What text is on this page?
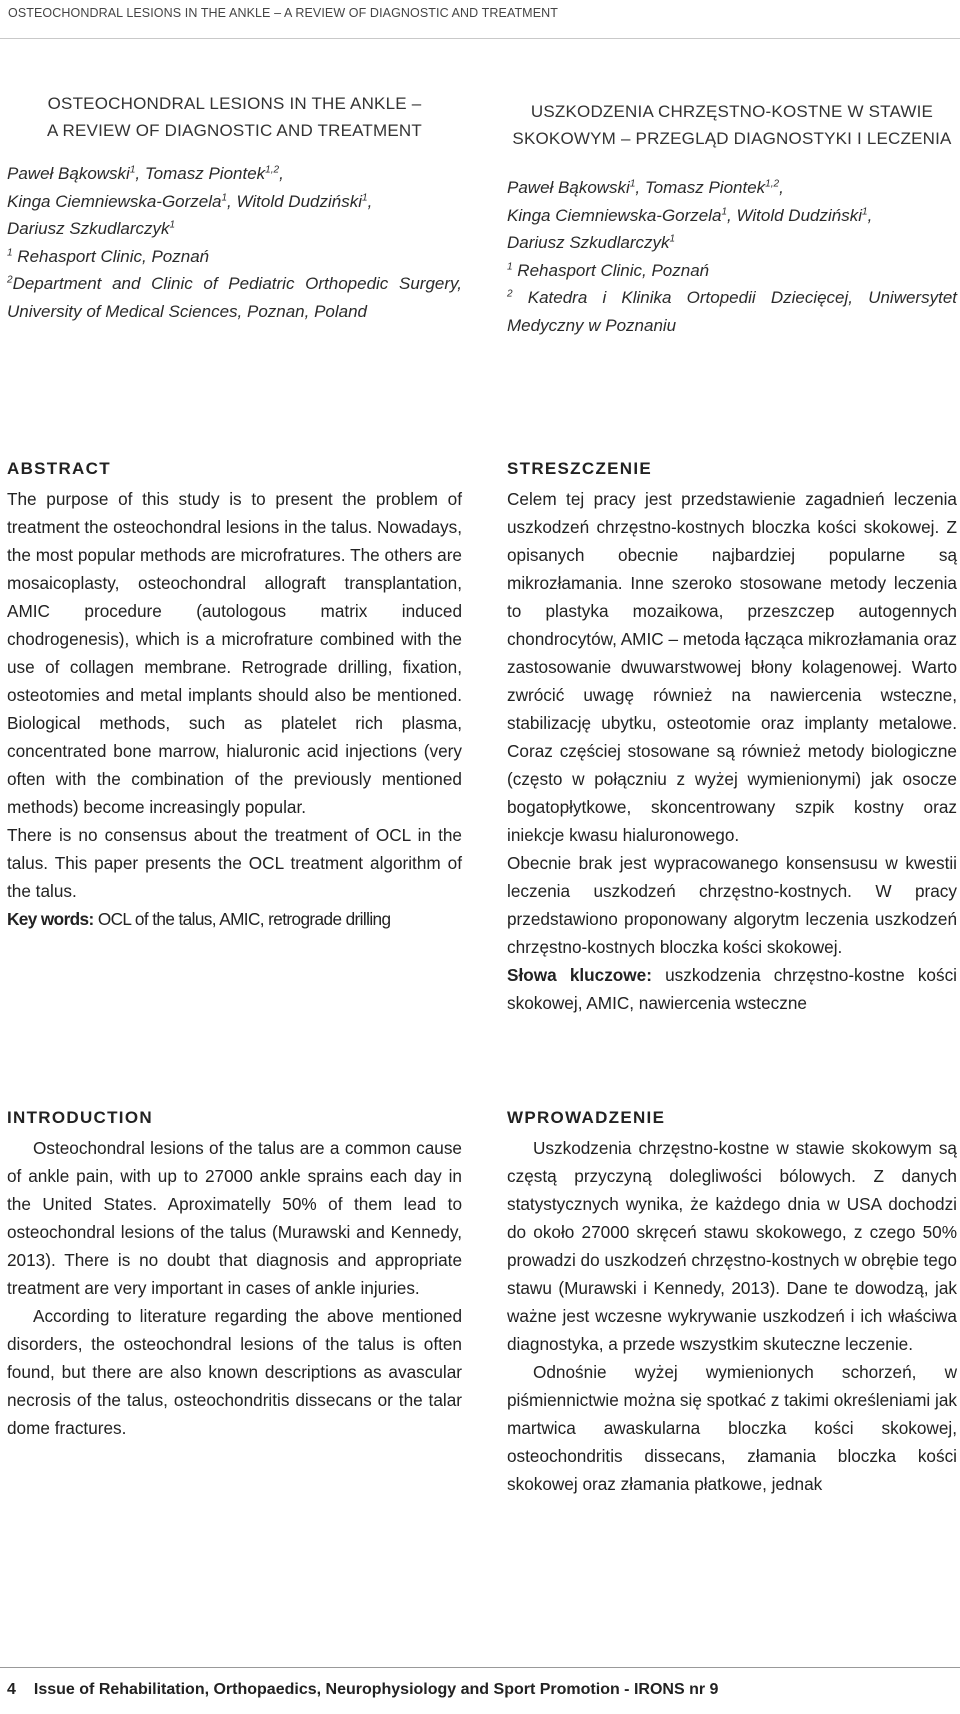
OSTEOCHONDRAL LESIONS IN THE ANKLE – A REVIEW OF DIAGNOSTIC AND TREATMENT
OSTEOCHONDRAL LESIONS IN THE ANKLE –
A REVIEW OF DIAGNOSTIC AND TREATMENT
Paweł Bąkowski$^1$, Tomasz Piontek$^{1,2}$,
Kinga Ciemniewska-Gorzela$^1$, Witold Dudziński$^1$,
Dariusz Szkudlarczyk$^1$
$^1$ Rehasport Clinic, Poznań
$^2$Department and Clinic of Pediatric Orthopedic Surgery, University of Medical Sciences, Poznan, Poland
ABSTRACT

The purpose of this study is to present the problem of treatment the osteochondral lesions in the talus. Nowadays, the most popular methods are microfratures. The others are mosaicoplasty, osteochondral allograft transplantation, AMIC procedure (autologous matrix induced chodrogenesis), which is a microfrature combined with the use of collagen membrane. Retrograde drilling, fixation, osteotomies and metal implants should also be mentioned. Biological methods, such as platelet rich plasma, concentrated bone marrow, hialuronic acid injections (very often with the combination of the previously mentioned methods) become increasingly popular.

There is no consensus about the treatment of OCL in the talus. This paper presents the OCL treatment algorithm of the talus.

Key words: OCL of the talus, AMIC, retrograde drilling

INTRODUCTION

Osteochondral lesions of the talus are a common cause of ankle pain, with up to 27000 ankle sprains each day in the United States. Aproximatelly 50% of them lead to osteochondral lesions of the talus (Murawski and Kennedy, 2013). There is no doubt that diagnosis and appropriate treatment are very important in cases of ankle injuries.

According to literature regarding the above mentioned disorders, the osteochondral lesions of the talus is often found, but there are also known descriptions as avascular necrosis of the talus, osteochondritis dissecans or the talar dome fractures.

USZKODZENIA CHRZĘSTNO-KOSTNE W STAWIE
SKOKOWYM – PRZEGLĄD DIAGNOSTYKI I LECZENIA
Paweł Bąkowski$^1$, Tomasz Piontek$^{1,2}$,
Kinga Ciemniewska-Gorzela$^1$, Witold Dudziński$^1$,
Dariusz Szkudlarczyk$^1$
$^1$ Rehasport Clinic, Poznań
$^2$ Katedra i Klinika Ortopedii Dziecięcej, Uniwersytet Medyczny w Poznaniu
STRESZCZENIE

Celem tej pracy jest przedstawienie zagadnień leczenia uszkodzeń chrzęstno-kostnych bloczka kości skokowej. Z opisanych obecnie najbardziej popularne są mikrozłamania. Inne szeroko stosowane metody leczenia to plastyka mozaikowa, przeszczep autogennych chondrocytów, AMIC – metoda łącząca mikrozłamania oraz zastosowanie dwuwarstwowej błony kolagenowej. Warto zwrócić uwagę również na nawiercenia wsteczne, stabilizację ubytku, osteotomie oraz implanty metalowe. Coraz częściej stosowane są również metody biologiczne (często w połączniu z wyżej wymienionymi) jak osocze bogatopłytkowe, skoncentrowany szpik kostny oraz iniekcje kwasu hialuronowego.

Obecnie brak jest wypracowanego konsensusu w kwestii leczenia uszkodzeń chrzęstno-kostnych. W pracy przedstawiono proponowany algorytm leczenia uszkodzeń chrzęstno-kostnych bloczka kości skokowej.

Słowa kluczowe: uszkodzenia chrzęstno-kostne kości skokowej, AMIC, nawiercenia wsteczne

WPROWADZENIE

Uszkodzenia chrzęstno-kostne w stawie skokowym są częstą przyczyną dolegliwości bólowych. Z danych statystycznych wynika, że każdego dnia w USA dochodzi do około 27000 skręceń stawu skokowego, z czego 50% prowadzi do uszkodzeń chrzęstno-kostnych w obrębie tego stawu (Murawski i Kennedy, 2013). Dane te dowodzą, jak ważne jest wczesne wykrywanie uszkodzeń i ich właściwa diagnostyka, a przede wszystkim skuteczne leczenie.

Odnośnie wyżej wymienionych schorzeń, w piśmiennictwie można się spotkać z takimi określeniami jak martwica awaskularna bloczka kości skokowej, osteochondritis dissecans, złamania bloczka kości skokowej oraz złamania płatkowe, jednak

4 Issue of Rehabilitation, Orthopaedics, Neurophysiology and Sport Promotion - IRONS nr 9
